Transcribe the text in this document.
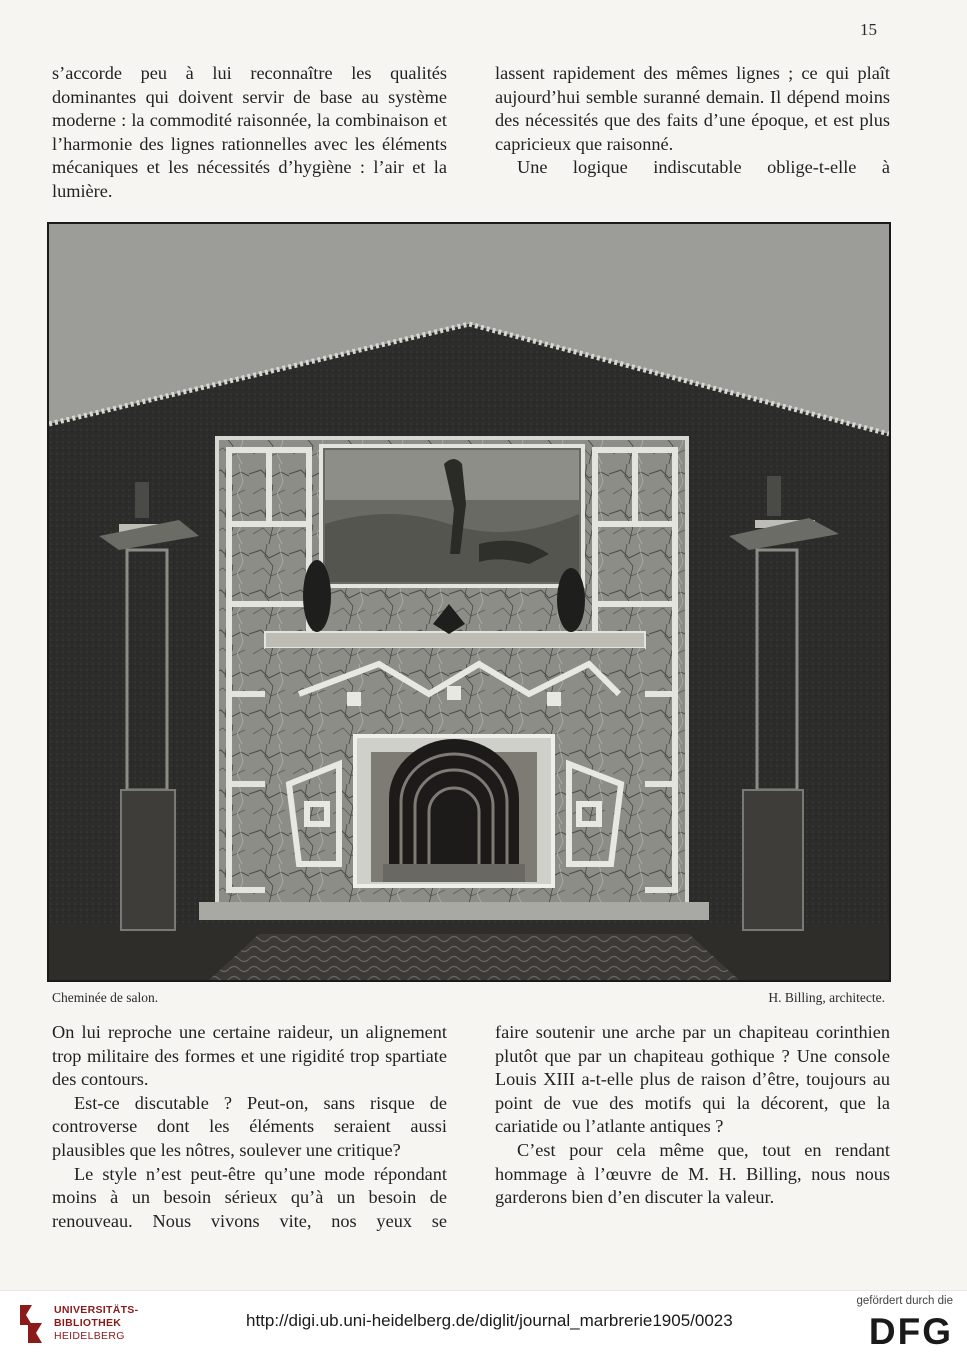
15

s’accorde peu à lui reconnaître les qualités dominantes qui doivent servir de base au système moderne : la commodité raisonnée, la combinaison et l’harmonie des lignes rationnelles avec les éléments mécaniques et les nécessités d’hygiène : l’air et la lumière.

lassent rapidement des mêmes lignes ; ce qui plaît aujourd’hui semble suranné demain. Il dépend moins des nécessités que des faits d’une époque, et est plus capricieux que raisonné.

Une logique indiscutable oblige-t-elle à

Cheminée de salon.	H. Billing, architecte.

On lui reproche une certaine raideur, un alignement trop militaire des formes et une rigidité trop spartiate des contours.

Est-ce discutable ? Peut-on, sans risque de controverse dont les éléments seraient aussi plausibles que les nôtres, soulever une critique?

Le style n’est peut-être qu’une mode répondant moins à un besoin sérieux qu’à un besoin de renouveau. Nous vivons vite, nos yeux se

faire soutenir une arche par un chapiteau corinthien plutôt que par un chapiteau gothique ? Une console Louis XIII a-t-elle plus de raison d’être, toujours au point de vue des motifs qui la décorent, que la cariatide ou l’atlante antiques ?

C’est pour cela même que, tout en rendant hommage à l’œuvre de M. H. Billing, nous nous garderons bien d’en discuter la valeur.

UNIVERSITÄTS-
BIBLIOTHEK
HEIDELBERG
http://digi.ub.uni-heidelberg.de/diglit/journal_marbrerie1905/0023
gefördert durch die
DFG
